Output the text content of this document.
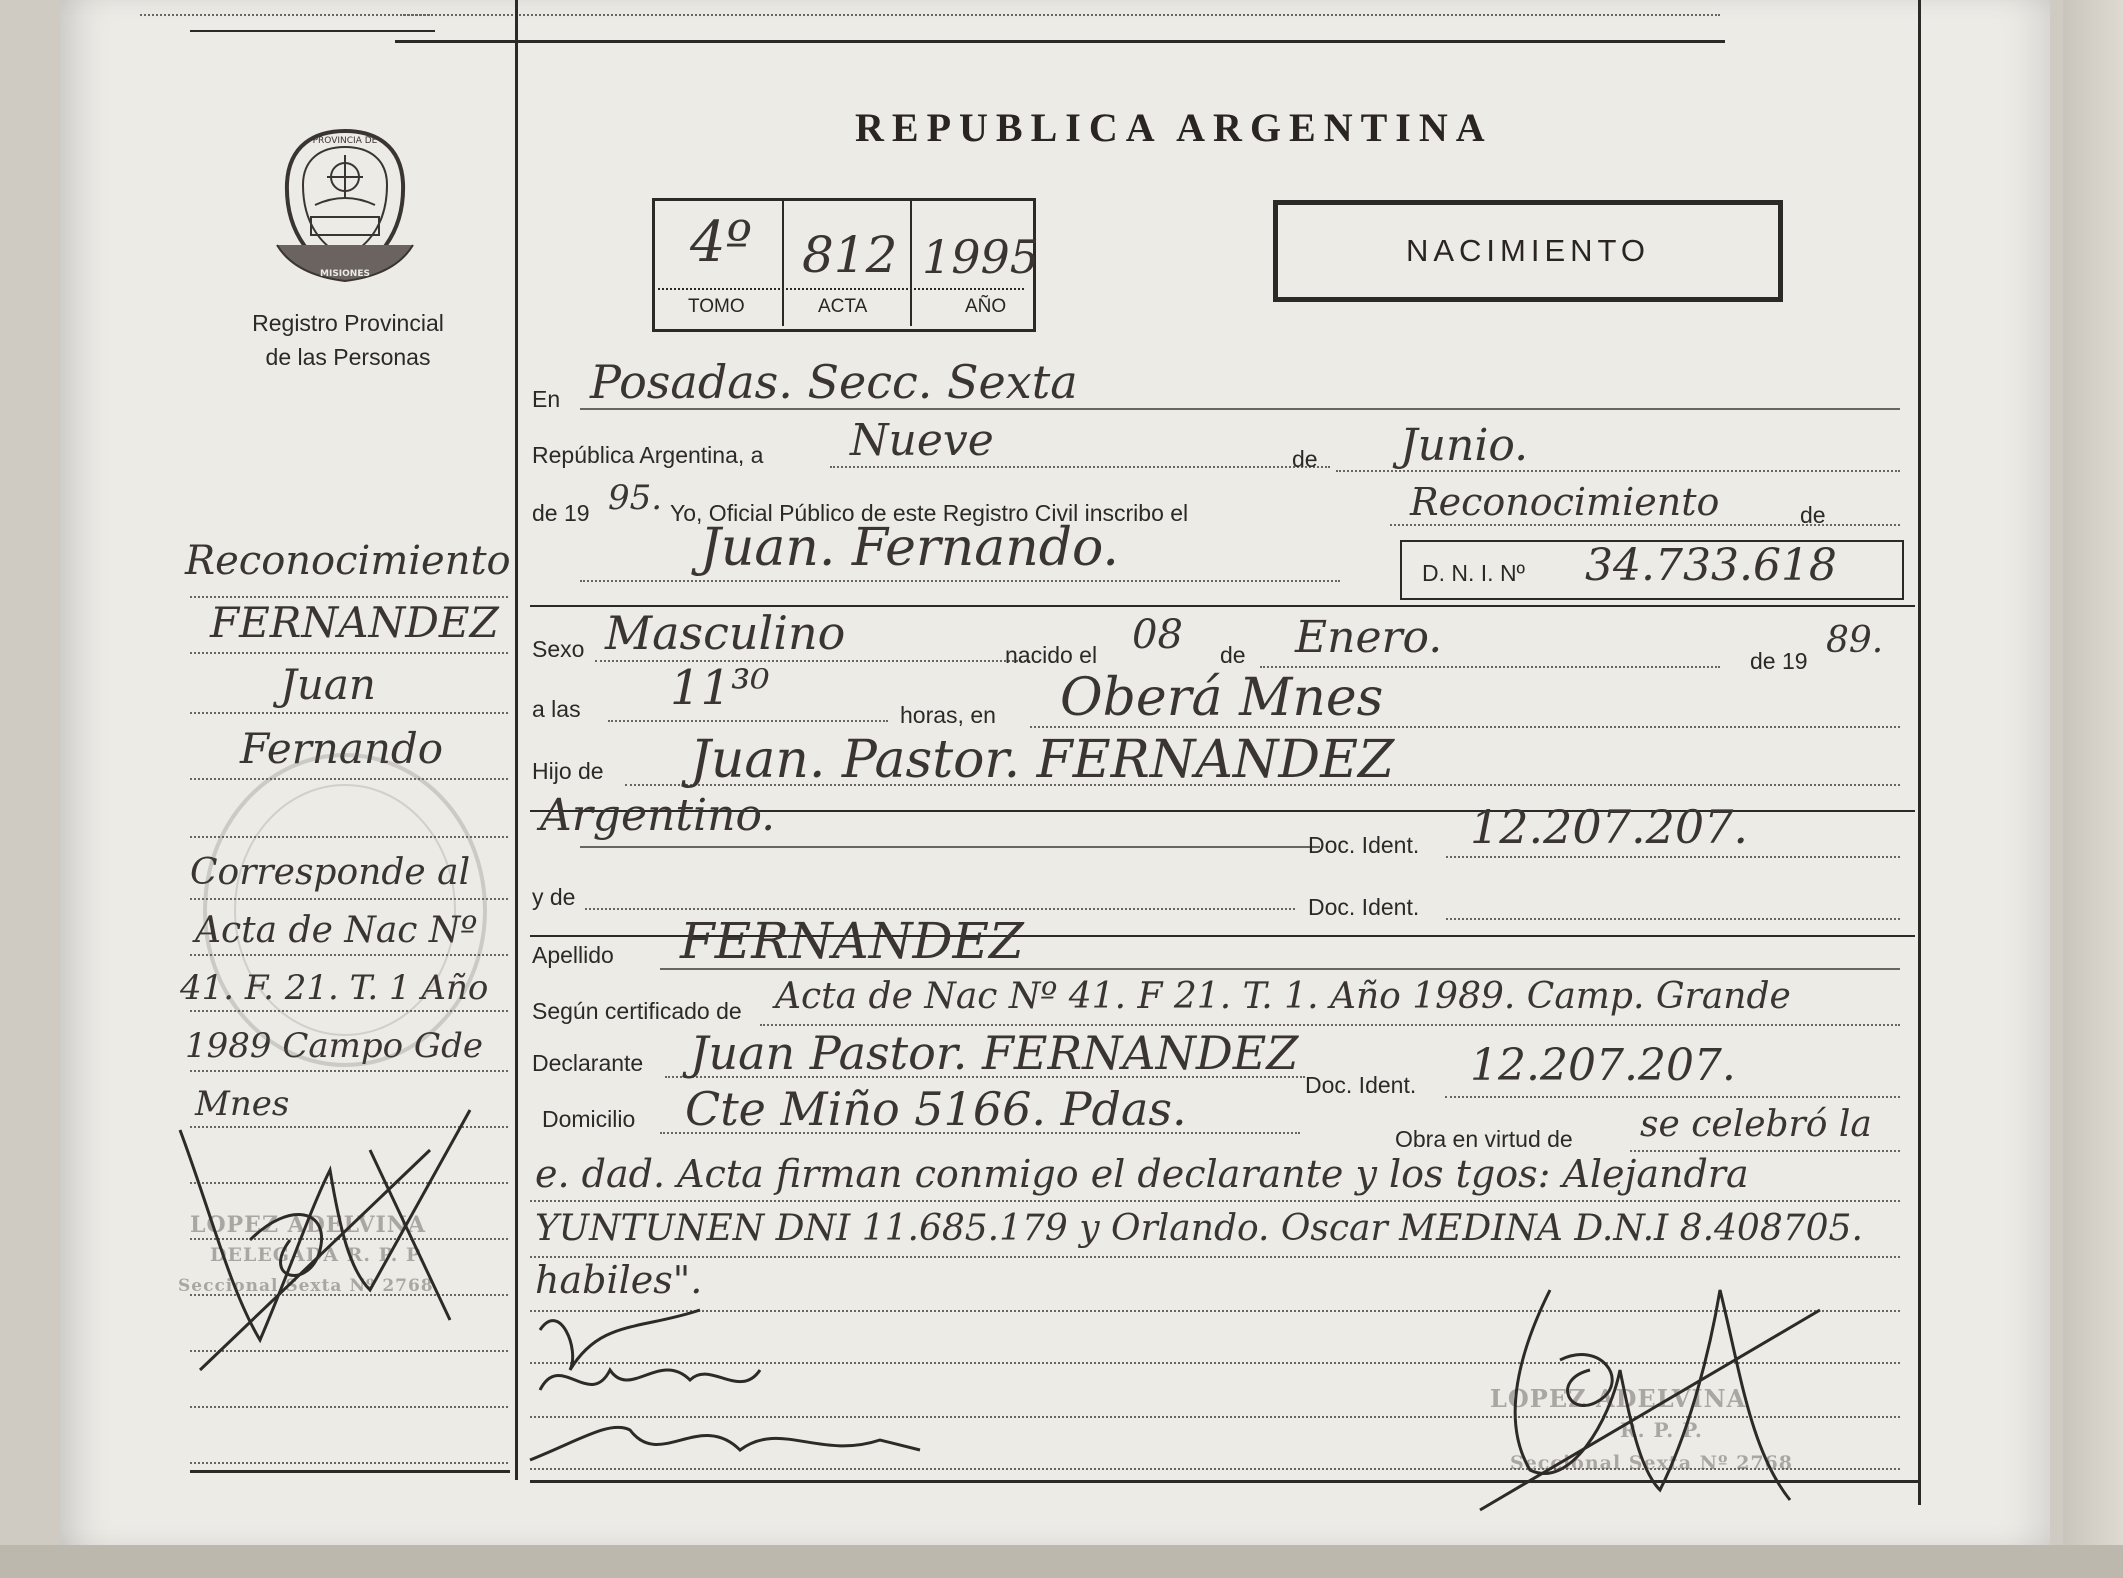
PROVINCIA DE
MISIONES
Registro Provincial
de las Personas
REPUBLICA ARGENTINA
4º 812 1995
TOMO	ACTA	AÑO
NACIMIENTO
En Posadas. Secc. Sexta
República Argentina, a Nueve	de Junio.
de 19 95. Yo, Oficial Público de este Registro Civil inscribo el	Reconocimiento	de
Juan. Fernando.	D. N. I. Nº 34.733.618
Sexo Masculino	nacido el 08 de Enero.	de 19 89.
a las 11³⁰	horas, en Oberá Mnes
Hijo de Juan. Pastor. FERNANDEZ
Argentino.
Doc. Ident. 12.207.207.
y de	Doc. Ident.
Apellido FERNANDEZ
Según certificado de Acta de Nac Nº 41. F 21. T. 1. Año 1989. Camp. Grande
Declarante Juan Pastor. FERNANDEZ
Doc. Ident. 12.207.207.
Domicilio Cte Miño 5166. Pdas.
Obra en virtud de se celebró la
e. dad. Acta firman conmigo el declarante y los tgos: Alejandra
YUNTUNEN DNI 11.685.179 y Orlando. Oscar MEDINA D.N.I 8.408705.
habiles".
Reconocimiento
FERNANDEZ
Juan
Fernando
Corresponde al
Acta de Nac Nº
41. F. 21. T. 1 Año
1989 Campo Gde
Mnes
LOPEZ ADELVINA
DELEGADA R. P. P.
Seccional Sexta Nº 2768
LOPEZ ADELVINA
R. P. P.
Seccional Sexta Nº 2768
